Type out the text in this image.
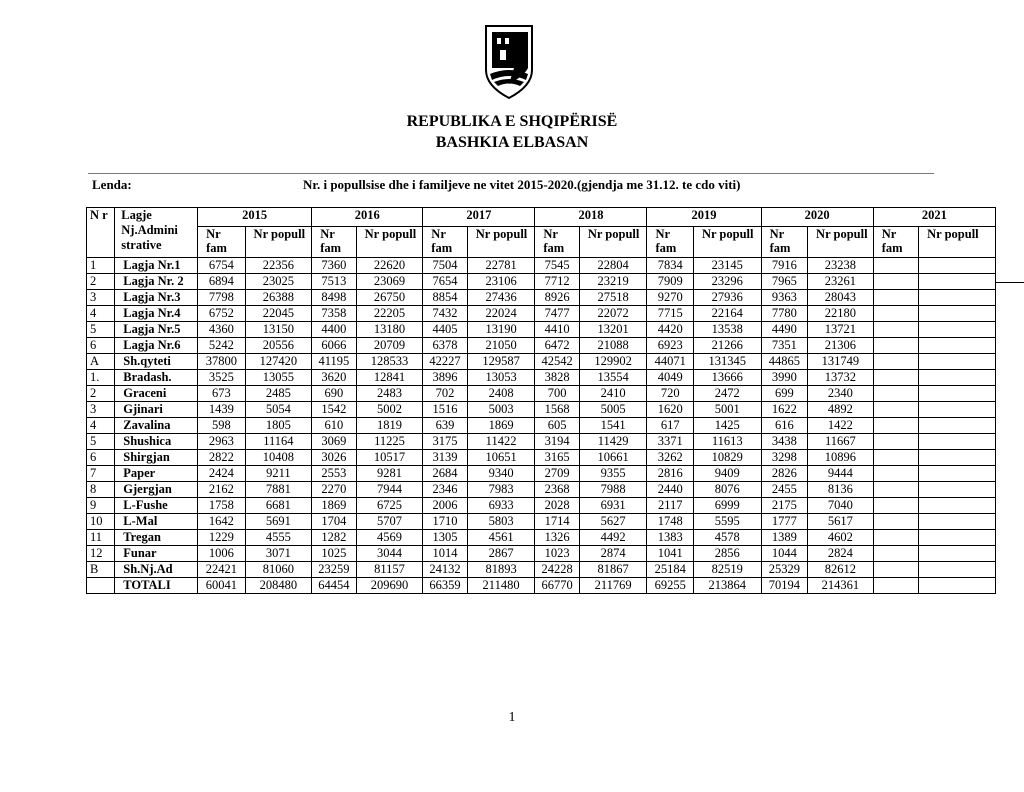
REPUBLIKA E SHQIPËRISË
BASHKIA ELBASAN
Lenda:	Nr. i popullsise dhe i familjeve ne vitet 2015-2020.(gjendja me 31.12. te cdo viti)
N r	Lagje Nj.Admini strative	2015		2016		2017		2018		2019		2020		2021	
		Nr fam	Nr popull	Nr fam	Nr popull	Nr fam	Nr popull	Nr fam	Nr popull	Nr fam	Nr popull	Nr fam	Nr popull	Nr fam	Nr popull
1	Lagja Nr.1	6754	22356	7360	22620	7504	22781	7545	22804	7834	23145	7916	23238		
2	Lagja Nr. 2	6894	23025	7513	23069	7654	23106	7712	23219	7909	23296	7965	23261		
3	Lagja Nr.3	7798	26388	8498	26750	8854	27436	8926	27518	9270	27936	9363	28043		
4	Lagja Nr.4	6752	22045	7358	22205	7432	22024	7477	22072	7715	22164	7780	22180		
5	Lagja Nr.5	4360	13150	4400	13180	4405	13190	4410	13201	4420	13538	4490	13721		
6	Lagja Nr.6	5242	20556	6066	20709	6378	21050	6472	21088	6923	21266	7351	21306		
A	Sh.qyteti	37800	127420	41195	128533	42227	129587	42542	129902	44071	131345	44865	131749		
1.	Bradash.	3525	13055	3620	12841	3896	13053	3828	13554	4049	13666	3990	13732		
2	Graceni	673	2485	690	2483	702	2408	700	2410	720	2472	699	2340		
3	Gjinari	1439	5054	1542	5002	1516	5003	1568	5005	1620	5001	1622	4892		
4	Zavalina	598	1805	610	1819	639	1869	605	1541	617	1425	616	1422		
5	Shushica	2963	11164	3069	11225	3175	11422	3194	11429	3371	11613	3438	11667		
6	Shirgjan	2822	10408	3026	10517	3139	10651	3165	10661	3262	10829	3298	10896		
7	Paper	2424	9211	2553	9281	2684	9340	2709	9355	2816	9409	2826	9444		
8	Gjergjan	2162	7881	2270	7944	2346	7983	2368	7988	2440	8076	2455	8136		
9	L-Fushe	1758	6681	1869	6725	2006	6933	2028	6931	2117	6999	2175	7040		
10	L-Mal	1642	5691	1704	5707	1710	5803	1714	5627	1748	5595	1777	5617		
11	Tregan	1229	4555	1282	4569	1305	4561	1326	4492	1383	4578	1389	4602		
12	Funar	1006	3071	1025	3044	1014	2867	1023	2874	1041	2856	1044	2824		
B	Sh.Nj.Ad	22421	81060	23259	81157	24132	81893	24228	81867	25184	82519	25329	82612		
	TOTALI	60041	208480	64454	209690	66359	211480	66770	211769	69255	213864	70194	214361		
1
